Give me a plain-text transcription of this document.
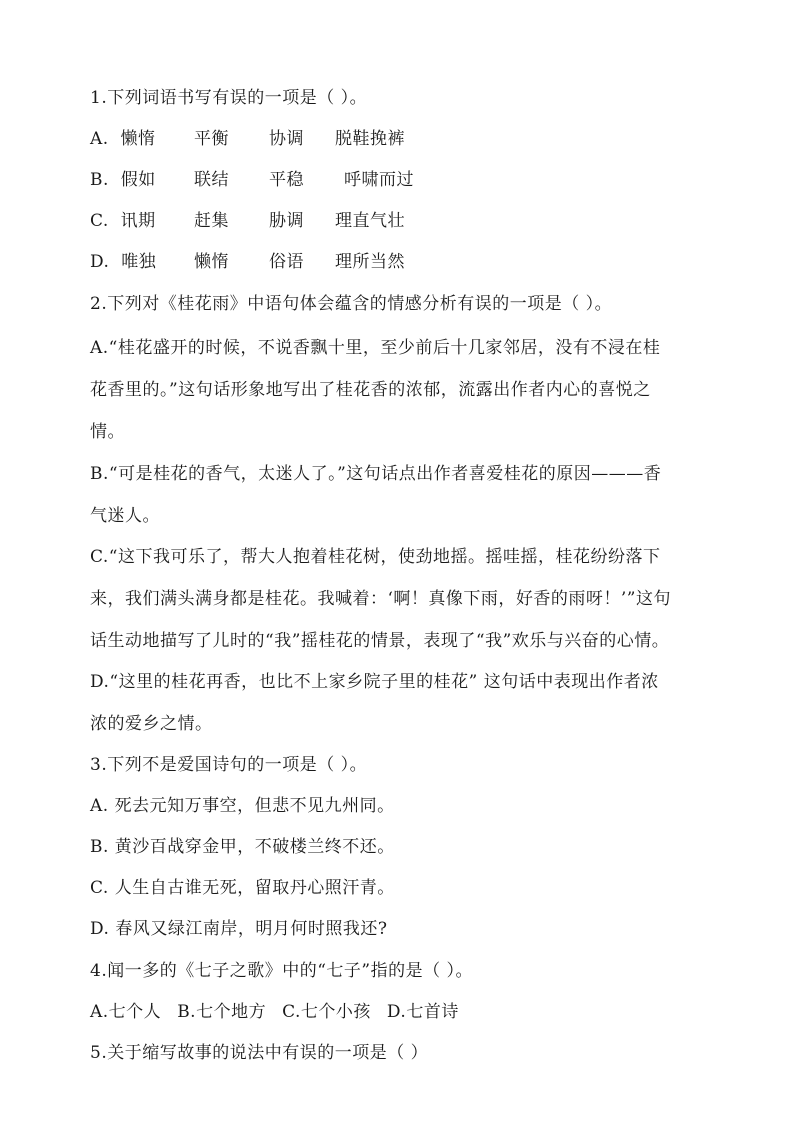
1.下列词语书写有误的一项是（ ）。
A. 懒惰 平衡 协调 脱鞋挽裤
B. 假如 联结 平稳 呼啸而过
C. 讯期 赶集 胁调 理直气壮
D. 唯独 懒惰 俗语 理所当然
2.下列对《桂花雨》中语句体会蕴含的情感分析有误的一项是（ ）。
A.“桂花盛开的时候，不说香飘十里，至少前后十几家邻居，没有不浸在桂
花香里的。”这句话形象地写出了桂花香的浓郁，流露出作者内心的喜悦之
情。
B.“可是桂花的香气，太迷人了。”这句话点出作者喜爱桂花的原因———香
气迷人。
C.“这下我可乐了，帮大人抱着桂花树，使劲地摇。摇哇摇，桂花纷纷落下
来，我们满头满身都是桂花。我喊着：‘啊！真像下雨，好香的雨呀！’”这句
话生动地描写了儿时的“我”摇桂花的情景，表现了“我”欢乐与兴奋的心情。
D.“这里的桂花再香，也比不上家乡院子里的桂花” 这句话中表现出作者浓
浓的爱乡之情。
3.下列不是爱国诗句的一项是（ ）。
A. 死去元知万事空，但悲不见九州同。
B. 黄沙百战穿金甲，不破楼兰终不还。
C. 人生自古谁无死，留取丹心照汗青。
D. 春风又绿江南岸，明月何时照我还?
4.闻一多的《七子之歌》中的“七子”指的是（ ）。
A.七个人 B.七个地方 C.七个小孩 D.七首诗
5.关于缩写故事的说法中有误的一项是（ ）
